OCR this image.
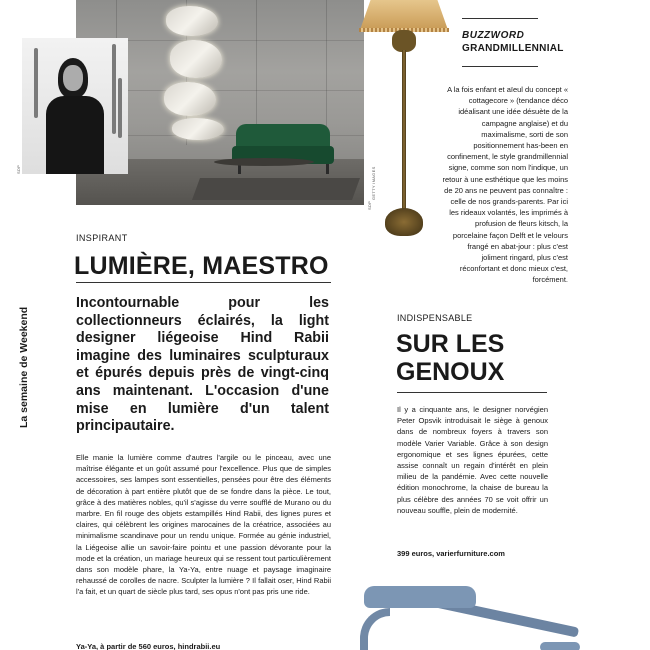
SDP
SDP
GETTY IMAGES
BUZZWORD
GRANDMILLENNIAL
A la fois enfant et aïeul du concept « cottagecore » (tendance déco idéalisant une idée désuète de la campagne anglaise) et du maximalisme, sorti de son positionnement has-been en confinement, le style grandmillennial signe, comme son nom l'indique, un retour à une esthétique que les moins de 20 ans ne peuvent pas connaître : celle de nos grands-parents. Par ici les rideaux volantés, les imprimés à profusion de fleurs kitsch, la porcelaine façon Delft et le velours frangé en abat-jour : plus c'est joliment ringard, plus c'est réconfortant et donc mieux c'est, forcément.
La semaine de Weekend
INSPIRANT
LUMIÈRE, MAESTRO
Incontournable pour les collectionneurs éclairés, la light designer liégeoise Hind Rabii imagine des luminaires sculpturaux et épurés depuis près de vingt-cinq ans maintenant. L'occasion d'une mise en lumière d'un talent principautaire.
Elle manie la lumière comme d'autres l'argile ou le pinceau, avec une maîtrise élégante et un goût assumé pour l'excellence. Plus que de simples accessoires, ses lampes sont essentielles, pensées pour être des éléments de décoration à part entière plutôt que de se fondre dans la pièce. Le tout, grâce à des matières nobles, qu'il s'agisse du verre soufflé de Murano ou du marbre. En fil rouge des objets estampillés Hind Rabii, des lignes pures et claires, qui célèbrent les origines marocaines de la créatrice, associées au minimalisme scandinave pour un rendu unique. Formée au génie industriel, la Liégeoise allie un savoir-faire pointu et une passion dévorante pour la mode et la création, un mariage heureux qui se ressent tout particulièrement dans son modèle phare, la Ya-Ya, entre nuage et paysage imaginaire rehaussé de corolles de nacre. Sculpter la lumière ? Il fallait oser, Hind Rabii l'a fait, et un quart de siècle plus tard, ses opus n'ont pas pris une ride.
Ya-Ya, à partir de 560 euros, hindrabii.eu
INDISPENSABLE
SUR LES GENOUX
Il y a cinquante ans, le designer norvégien Peter Opsvik introduisait le siège à genoux dans de nombreux foyers à travers son modèle Varier Variable. Grâce à son design ergonomique et ses lignes épurées, cette assise connaît un regain d'intérêt en plein milieu de la pandémie. Avec cette nouvelle édition monochrome, la chaise de bureau la plus célèbre des années 70 se voit offrir un nouveau souffle, plein de modernité.
399 euros, varierfurniture.com
